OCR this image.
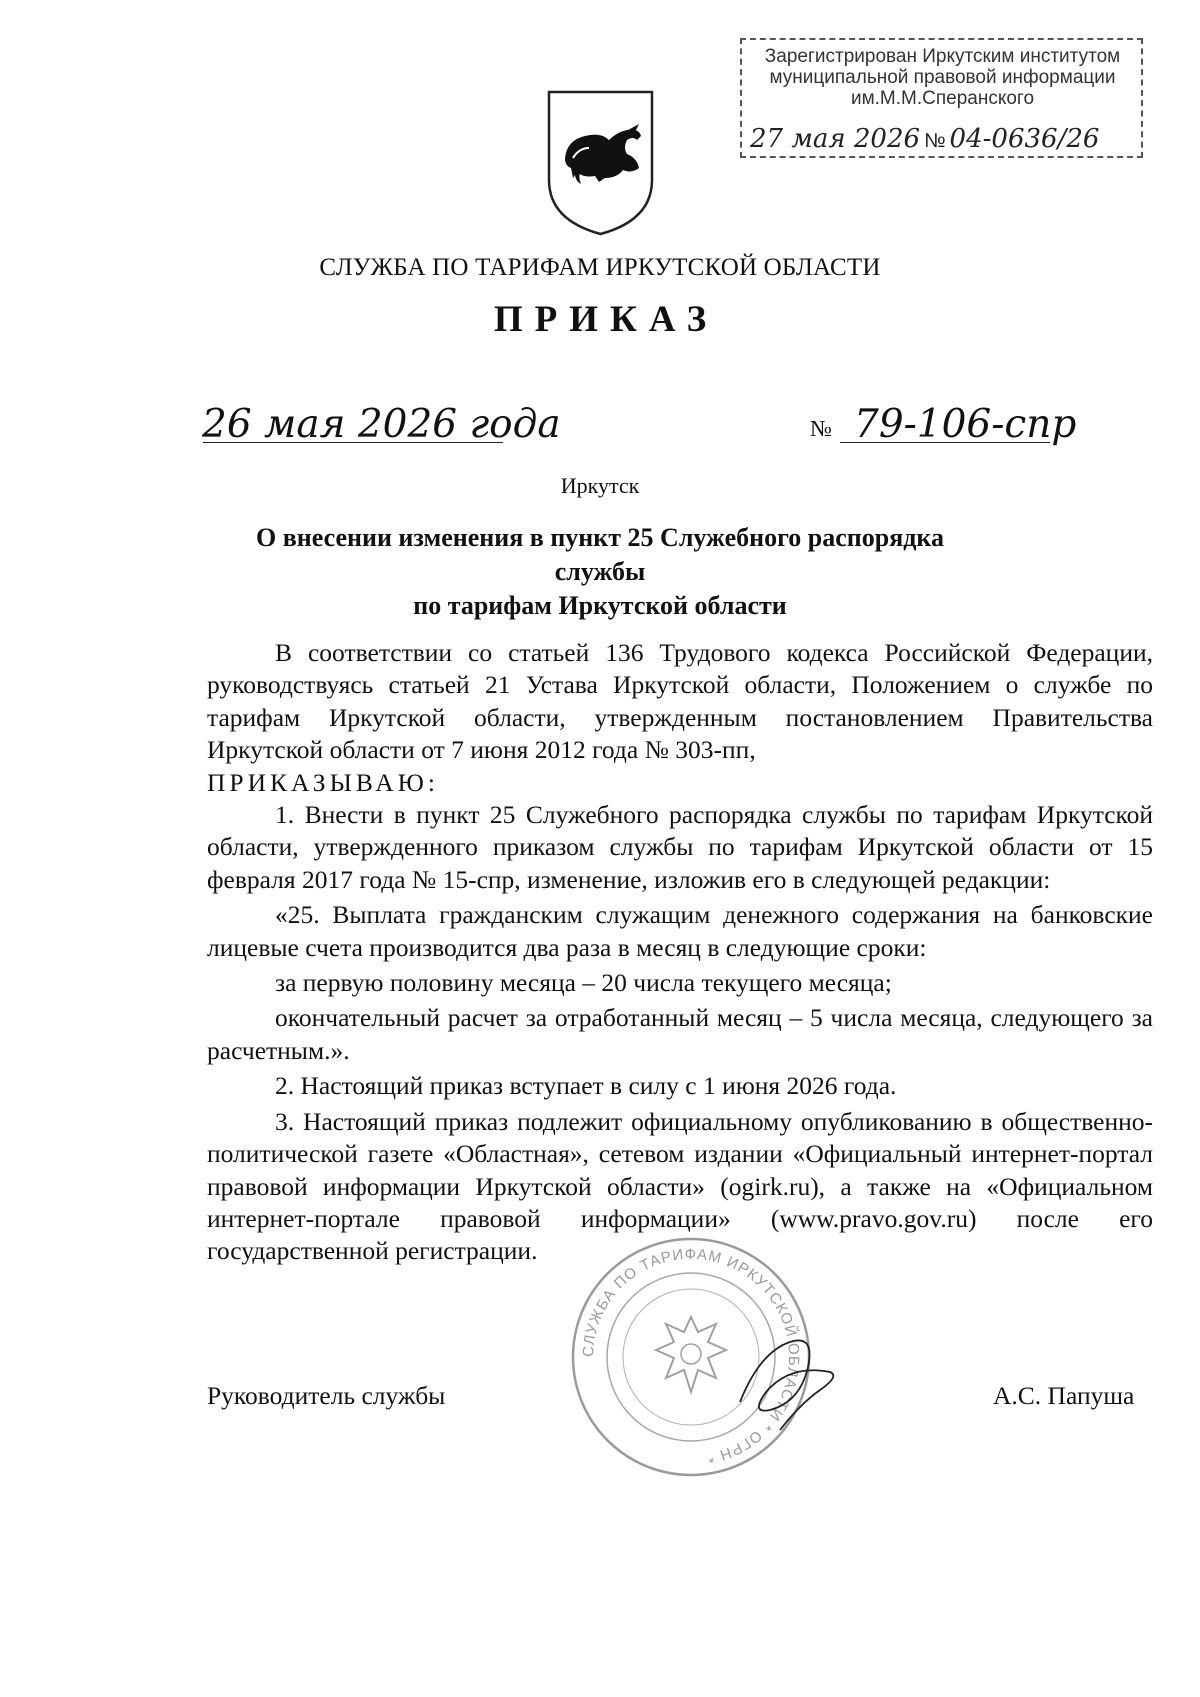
Зарегистрирован Иркутским институтом
муниципальной правовой информации
им.М.М.Сперанского
27 мая 2026 № 04-0636/26
СЛУЖБА ПО ТАРИФАМ ИРКУТСКОЙ ОБЛАСТИ
ПРИКАЗ
26 мая 2026 года	№ 79-106-спр
Иркутск
О внесении изменения в пункт 25 Служебного распорядка службы
по тарифам Иркутской области

В соответствии со статьей 136 Трудового кодекса Российской Федерации, руководствуясь статьей 21 Устава Иркутской области, Положением о службе по тарифам Иркутской области, утвержденным постановлением Правительства Иркутской области от 7 июня 2012 года № 303-пп,

ПРИКАЗЫВАЮ:

1. Внести в пункт 25 Служебного распорядка службы по тарифам Иркутской области, утвержденного приказом службы по тарифам Иркутской области от 15 февраля 2017 года № 15-спр, изменение, изложив его в следующей редакции:

«25. Выплата гражданским служащим денежного содержания на банковские лицевые счета производится два раза в месяц в следующие сроки:

за первую половину месяца – 20 числа текущего месяца;

окончательный расчет за отработанный месяц – 5 числа месяца, следующего за расчетным.».

2. Настоящий приказ вступает в силу с 1 июня 2026 года.

3. Настоящий приказ подлежит официальному опубликованию в общественно-политической газете «Областная», сетевом издании «Официальный интернет-портал правовой информации Иркутской области» (ogirk.ru), а также на «Официальном интернет-портале правовой информации» (www.pravo.gov.ru) после его государственной регистрации.

СЛУЖБА ПО ТАРИФАМ ИРКУТСКОЙ ОБЛАСТИ * ОГРН *
Руководитель службы	А.С. Папуша
